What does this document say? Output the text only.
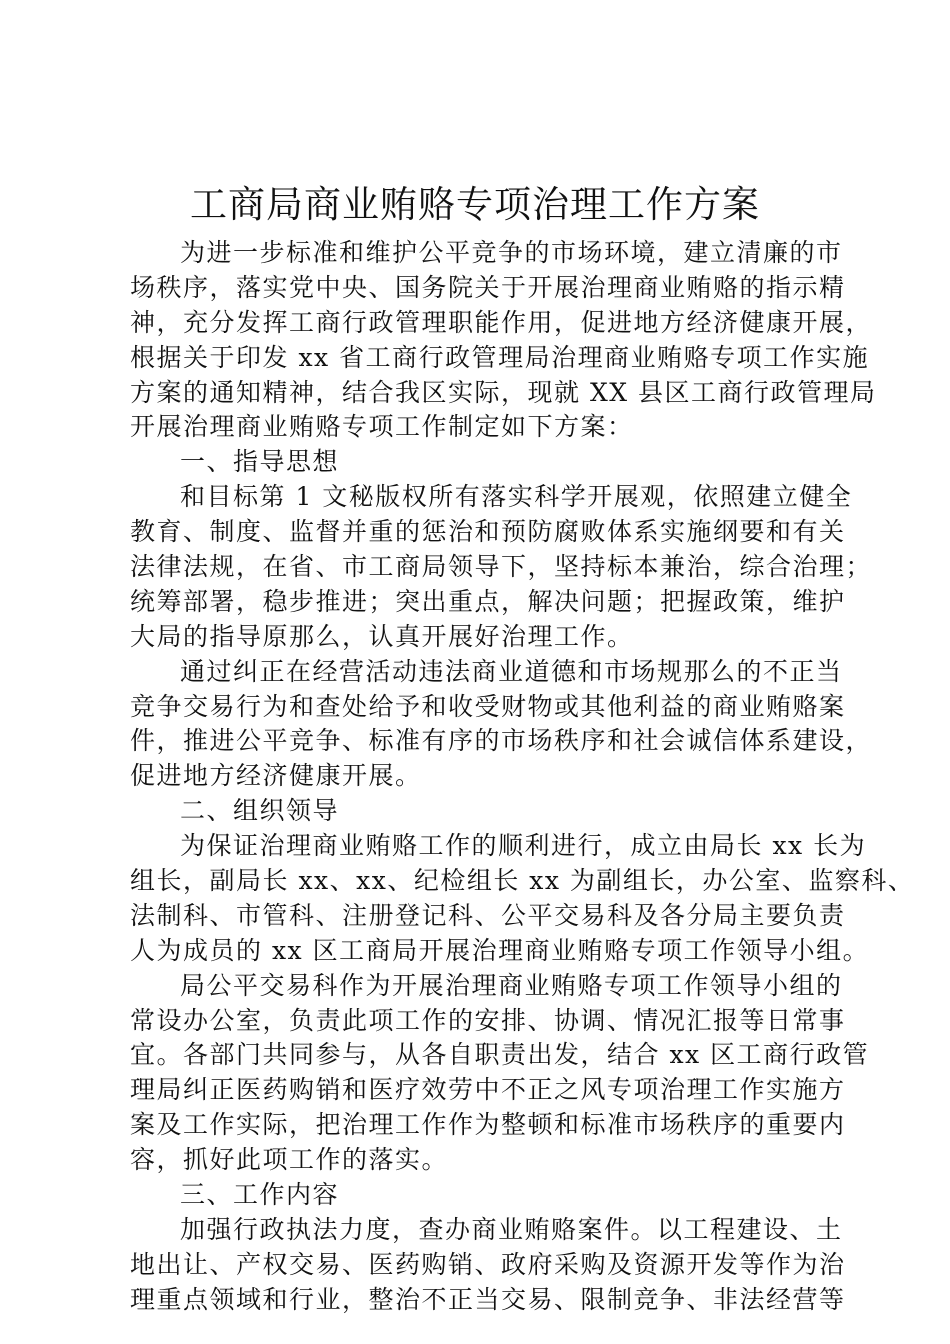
工商局商业贿赂专项治理工作方案
为进一步标准和维护公平竞争的市场环境，建立清廉的市
场秩序，落实党中央、国务院关于开展治理商业贿赂的指示精
神，充分发挥工商行政管理职能作用，促进地方经济健康开展，
根据关于印发 xx 省工商行政管理局治理商业贿赂专项工作实施
方案的通知精神，结合我区实际，现就 XX 县区工商行政管理局
开展治理商业贿赂专项工作制定如下方案：
一、指导思想
和目标第 1 文秘版权所有落实科学开展观，依照建立健全
教育、制度、监督并重的惩治和预防腐败体系实施纲要和有关
法律法规，在省、市工商局领导下，坚持标本兼治，综合治理；
统筹部署，稳步推进；突出重点，解决问题；把握政策，维护
大局的指导原那么，认真开展好治理工作。
通过纠正在经营活动违法商业道德和市场规那么的不正当
竞争交易行为和查处给予和收受财物或其他利益的商业贿赂案
件，推进公平竞争、标准有序的市场秩序和社会诚信体系建设，
促进地方经济健康开展。
二、组织领导
为保证治理商业贿赂工作的顺利进行，成立由局长 xx 长为
组长，副局长 xx、xx、纪检组长 xx 为副组长，办公室、监察科、
法制科、市管科、注册登记科、公平交易科及各分局主要负责
人为成员的 xx 区工商局开展治理商业贿赂专项工作领导小组。
局公平交易科作为开展治理商业贿赂专项工作领导小组的
常设办公室，负责此项工作的安排、协调、情况汇报等日常事
宜。各部门共同参与，从各自职责出发，结合 xx 区工商行政管
理局纠正医药购销和医疗效劳中不正之风专项治理工作实施方
案及工作实际，把治理工作作为整顿和标准市场秩序的重要内
容，抓好此项工作的落实。
三、工作内容
加强行政执法力度，查办商业贿赂案件。以工程建设、土
地出让、产权交易、医药购销、政府采购及资源开发等作为治
理重点领域和行业，整治不正当交易、限制竞争、非法经营等
